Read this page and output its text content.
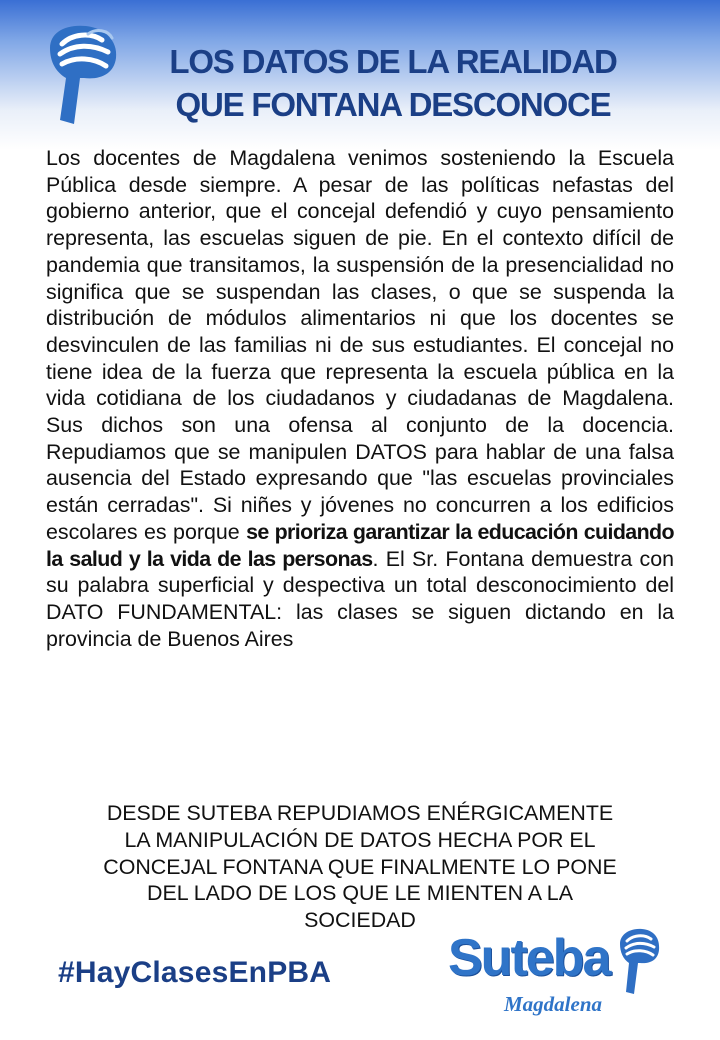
LOS DATOS DE LA REALIDAD
QUE FONTANA DESCONOCE
Los docentes de Magdalena venimos sosteniendo la Escuela Pública desde siempre. A pesar de las políticas nefastas del gobierno anterior, que el concejal defendió y cuyo pensamiento representa, las escuelas siguen de pie. En el contexto difícil de pandemia que transitamos, la suspensión de la presencialidad no significa que se suspendan las clases, o que se suspenda la distribución de módulos alimentarios ni que los docentes se desvinculen de las familias ni de sus estudiantes. El concejal no tiene idea de la fuerza que representa la escuela pública en la vida cotidiana de los ciudadanos y ciudadanas de Magdalena. Sus dichos son una ofensa al conjunto de la docencia. Repudiamos que se manipulen DATOS para hablar de una falsa ausencia del Estado expresando que "las escuelas provinciales están cerradas". Si niñes y jóvenes no concurren a los edificios escolares es porque se prioriza garantizar la educación cuidando la salud y la vida de las personas. El Sr. Fontana demuestra con su palabra superficial y despectiva un total desconocimiento del DATO FUNDAMENTAL: las clases se siguen dictando en la provincia de Buenos Aires
DESDE SUTEBA REPUDIAMOS ENÉRGICAMENTE
LA MANIPULACIÓN DE DATOS HECHA POR EL
CONCEJAL FONTANA QUE FINALMENTE LO PONE
DEL LADO DE LOS QUE LE MIENTEN A LA
SOCIEDAD
#HayClasesEnPBA Suteba
Magdalena
